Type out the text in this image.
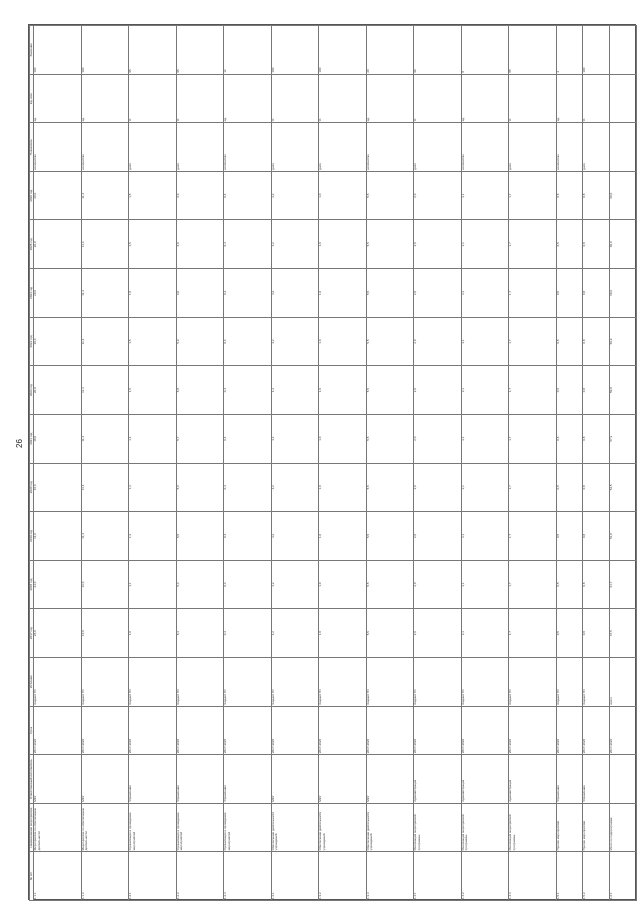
26
№ п/п	Наименование мероприятия	Ответственный исполнитель	Срок	Источник	2017 год	2018 год	2019 год	2020 год	2021 год	2022 год	2023 год	2024 год	2025 год	2026 год	Показатель	Ед. изм.	Значение
1.1.1	Мероприятие по обеспечению деятельности	МКУ	2017-2026	бюджет ГО	26,0	24,0	14,0	16,6	18,0	20,0	20,0	20,0	20,0	20,0	количество	ед.	100
1.1.2	Мероприятие по обеспечению деятельности	МКУ	2017-2026	бюджет ГО	16,0	12,0	11,4	11,4	11,4	11,4	11,4	11,4	11,4	11,4	количество	ед.	100
1.2.1	Организация и проведение мероприятий	Управление	2017-2026	бюджет ГО	1,0	1,1	1,2	1,3	1,4	1,5	1,5	1,5	1,5	1,5	доля	%	95
1.2.2	Организация и проведение мероприятий	Управление	2017-2026	бюджет ГО	5,3	5,4	5,5	5,6	5,7	5,8	5,9	6,0	6,0	6,0	доля	%	95
1.2.3	Организация и проведение мероприятий	Управление	2017-2026	бюджет ГО	0,4	0,4	0,4	0,4	0,4	0,4	0,4	0,4	0,4	0,4	количество	ед.	12
1.3.1	Обеспечение деятельности учреждений	МКУ	2017-2026	бюджет ГО	4,2	4,2	4,2	4,2	4,2	4,2	4,2	4,2	4,2	4,2	доля	%	100
1.3.2	Обеспечение деятельности учреждений	МКУ	2017-2026	бюджет ГО	1,0	1,0	1,0	1,0	1,0	1,0	1,0	1,0	1,0	1,0	доля	%	100
1.3.3	Обеспечение деятельности учреждений	МКУ	2017-2026	бюджет ГО	5,5	5,5	5,5	5,5	5,5	5,5	5,5	5,5	5,5	5,5	количество	ед.	20
1.4.1	Реализация мероприятий программы	Администрация	2017-2026	бюджет ГО	2,0	2,0	2,0	2,0	2,0	2,0	2,0	2,0	2,0	2,0	доля	%	90
1.4.2	Реализация мероприятий программы	Администрация	2017-2026	бюджет ГО	3,1	3,1	3,1	3,1	3,1	3,1	3,1	3,1	3,1	3,1	количество	ед.	8
1.4.3	Реализация мероприятий программы	Администрация	2017-2026	бюджет ГО	1,7	1,7	1,7	1,7	1,7	1,7	1,7	1,7	1,7	1,7	доля	%	85
1.5.1	Прочие мероприятия	Управление	2017-2026	бюджет ГО	0,5	0,5	0,5	0,5	0,5	0,5	0,5	0,5	0,5	0,5	количество	ед.	4
1.5.2	Прочие мероприятия	Управление	2017-2026	бюджет ГО	0,8	0,8	0,8	0,8	0,8	0,8	0,8	0,8	0,8	0,8	доля	%	100
1.6.1	Итого по подпрограмме		2017-2026	всего	67,5	61,7	51,8	54,5	57,3	59,8	59,9	60,0	60,0	60,0			
